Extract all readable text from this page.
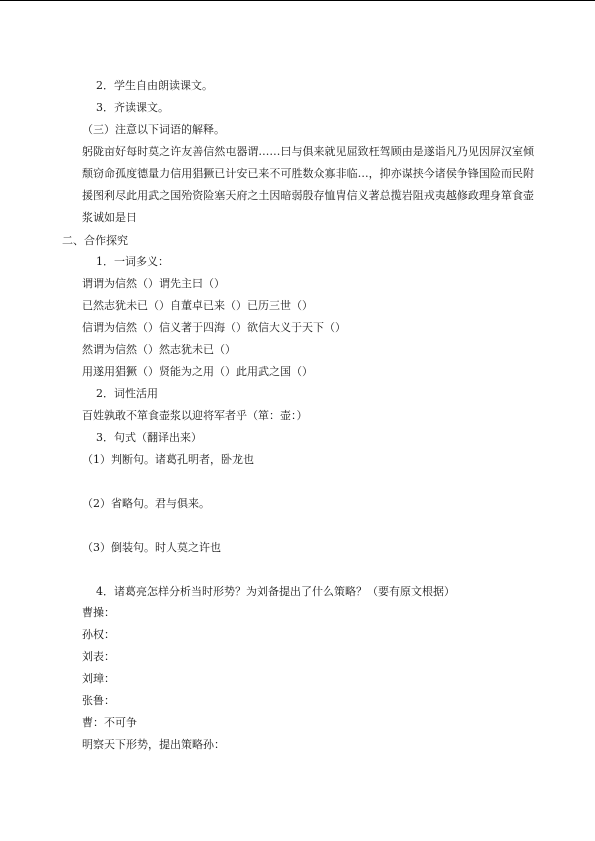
2．学生自由朗读课文。
3．齐读课文。
（三）注意以下词语的解释。
躬陇亩好每时莫之许友善信然屯器谓……曰与俱来就见屈致枉驾顾由是遂诣凡乃见因屏汉室倾颓窃命孤度德量力信用猖獗已计安已来不可胜数众寡非临…，抑亦谋挟今诸侯争锋国险而民附援图利尽此用武之国殆资险塞天府之土因暗弱殷存恤冑信义著总揽岩阻戎夷越修政理身箪食壶浆诚如是日
二、合作探究
1．一词多义：
谓谓为信然（）谓先主曰（）
已然志犹未已（）自董卓已来（）已历三世（）
信谓为信然（）信义著于四海（）欲信大义于天下（）
然谓为信然（）然志犹未已（）
用遂用猖獗（）贤能为之用（）此用武之国（）
2．词性活用
百姓孰敢不箪食壶浆以迎将军者乎（箪：壶：）
3．句式（翻译出来）
（1）判断句。诸葛孔明者，卧龙也
（2）省略句。君与俱来。
（3）倒装句。时人莫之许也
4．诸葛亮怎样分析当时形势？为刘备提出了什么策略？（要有原文根据）
曹操：
孙权：
刘表：
刘璋：
张鲁：
曹：不可争
明察天下形势，提出策略孙：
